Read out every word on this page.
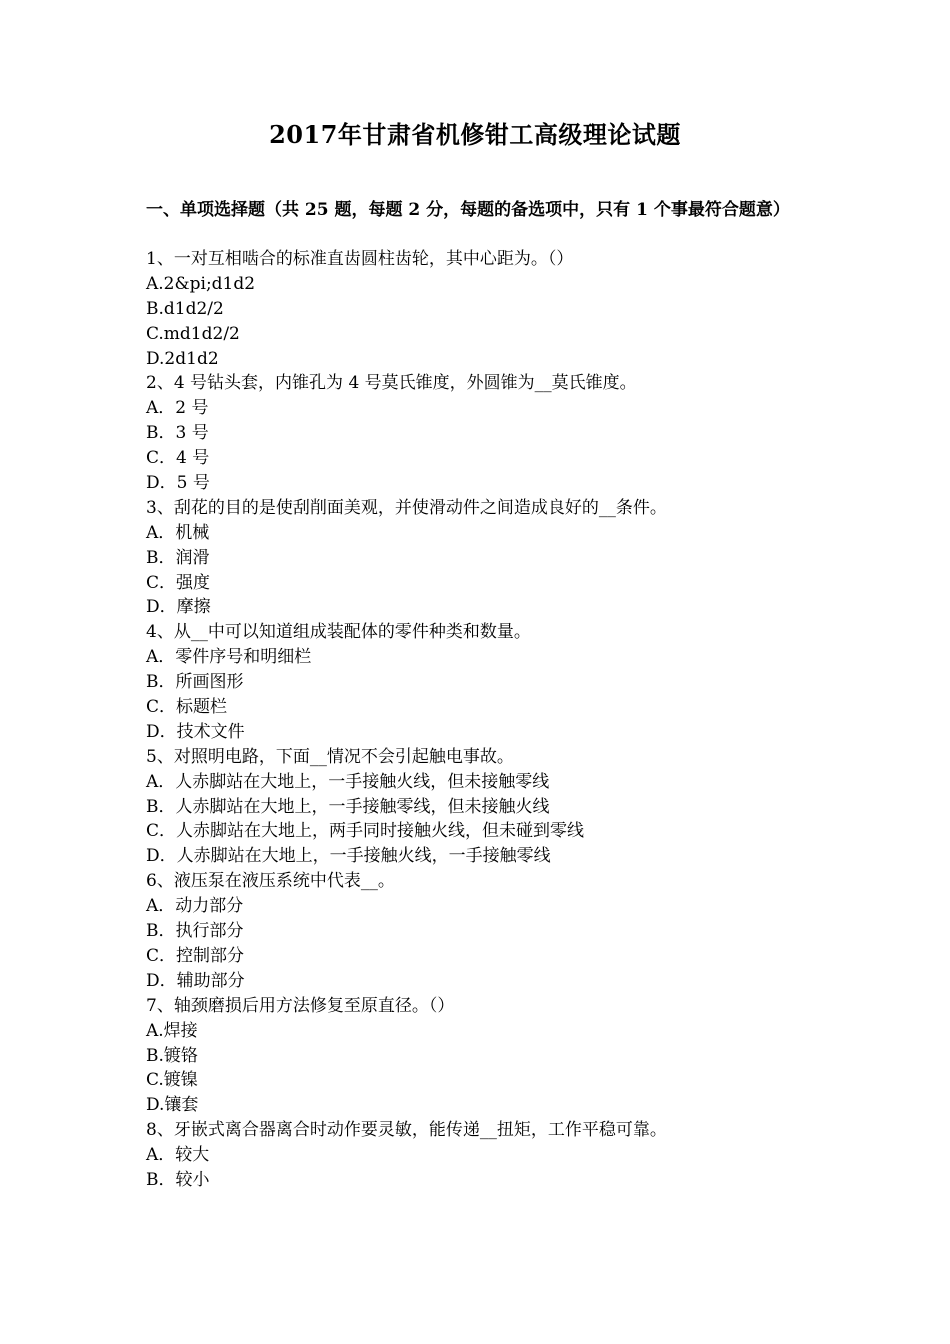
2017年甘肃省机修钳工高级理论试题
一、单项选择题（共 25 题，每题 2 分，每题的备选项中，只有 1 个事最符合题意）
1、一对互相啮合的标准直齿圆柱齿轮，其中心距为。（）
A.2&pi;d1d2
B.d1d2/2
C.md1d2/2
D.2d1d2
2、4 号钻头套，内锥孔为 4 号莫氏锥度，外圆锥为__莫氏锥度。
A．2 号
B．3 号
C．4 号
D．5 号
3、刮花的目的是使刮削面美观，并使滑动件之间造成良好的__条件。
A．机械
B．润滑
C．强度
D．摩擦
4、从__中可以知道组成装配体的零件种类和数量。
A．零件序号和明细栏
B．所画图形
C．标题栏
D．技术文件
5、对照明电路，下面__情况不会引起触电事故。
A．人赤脚站在大地上，一手接触火线，但未接触零线
B．人赤脚站在大地上，一手接触零线，但未接触火线
C．人赤脚站在大地上，两手同时接触火线，但未碰到零线
D．人赤脚站在大地上，一手接触火线，一手接触零线
6、液压泵在液压系统中代表__。
A．动力部分
B．执行部分
C．控制部分
D．辅助部分
7、轴颈磨损后用方法修复至原直径。（）
A.焊接
B.镀铬
C.镀镍
D.镶套
8、牙嵌式离合器离合时动作要灵敏，能传递__扭矩，工作平稳可靠。
A．较大
B．较小
